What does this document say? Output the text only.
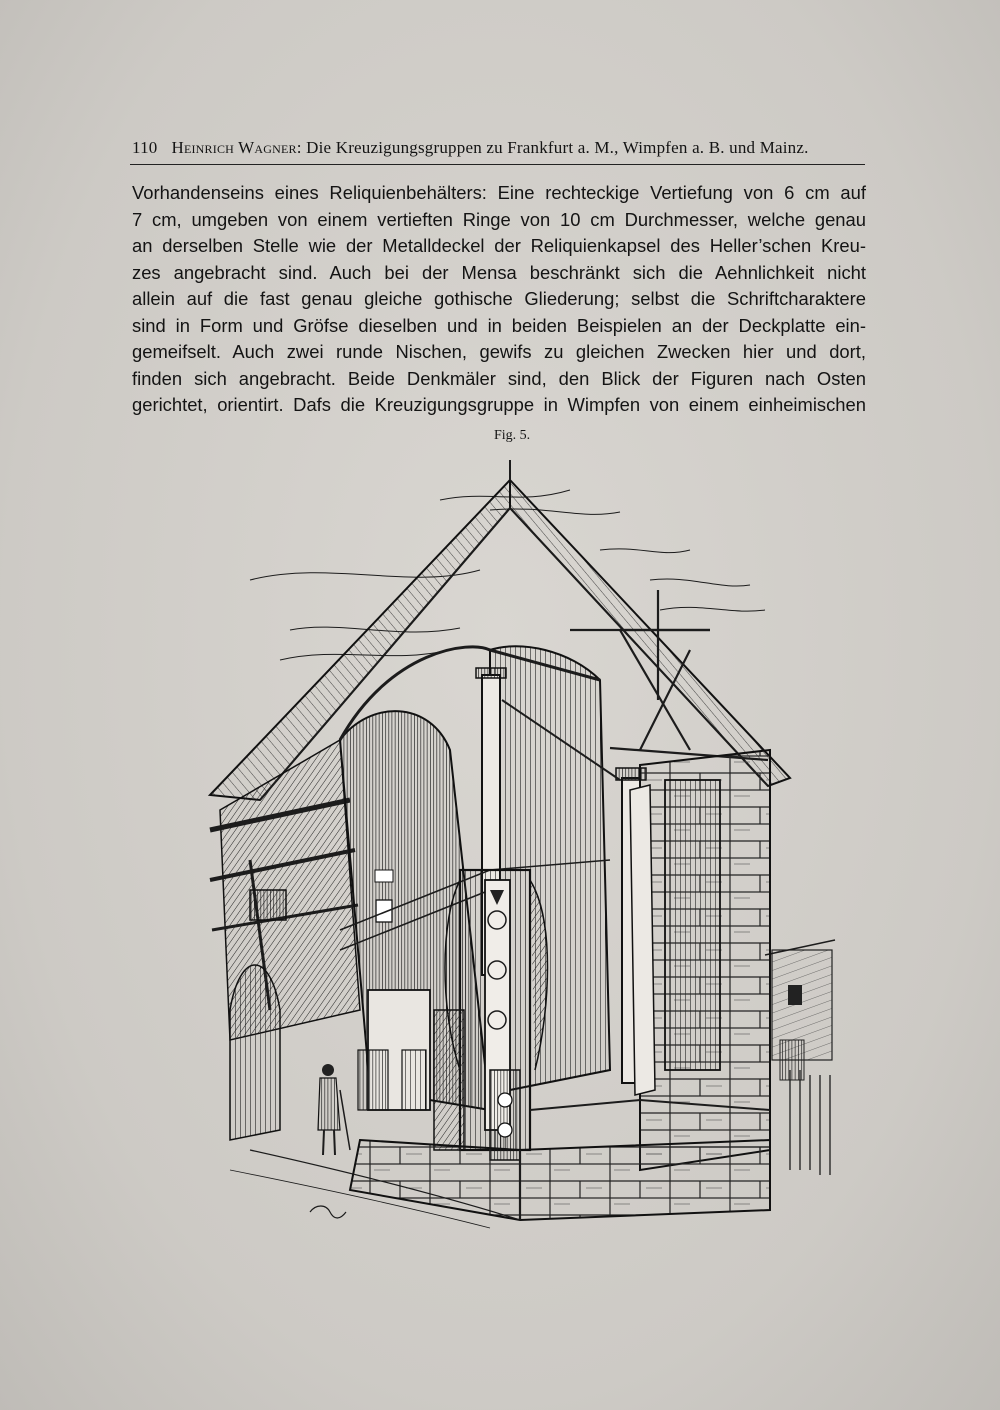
110 Heinrich Wagner : Die Kreuzigungsgruppen zu Frankfurt a. M., Wimpfen a. B. und Mainz.

Vorhandenseins eines Reliquienbehälters: Eine rechteckige Vertiefung von 6 cm auf
7 cm, umgeben von einem vertieften Ringe von 10 cm Durchmesser, welche genau
an derselben Stelle wie der Metalldeckel der Reliquienkapsel des Heller’schen Kreu-
zes angebracht sind. Auch bei der Mensa beschränkt sich die Aehnlichkeit nicht
allein auf die fast genau gleiche gothische Gliederung; selbst die Schriftcharaktere
sind in Form und Gröfse dieselben und in beiden Beispielen an der Deckplatte ein-
gemeifselt. Auch zwei runde Nischen, gewifs zu gleichen Zwecken hier und dort,
finden sich angebracht. Beide Denkmäler sind, den Blick der Figuren nach Osten
gerichtet, orientirt. Dafs die Kreuzigungsgruppe in Wimpfen von einem einheimischen

Fig. 5.
